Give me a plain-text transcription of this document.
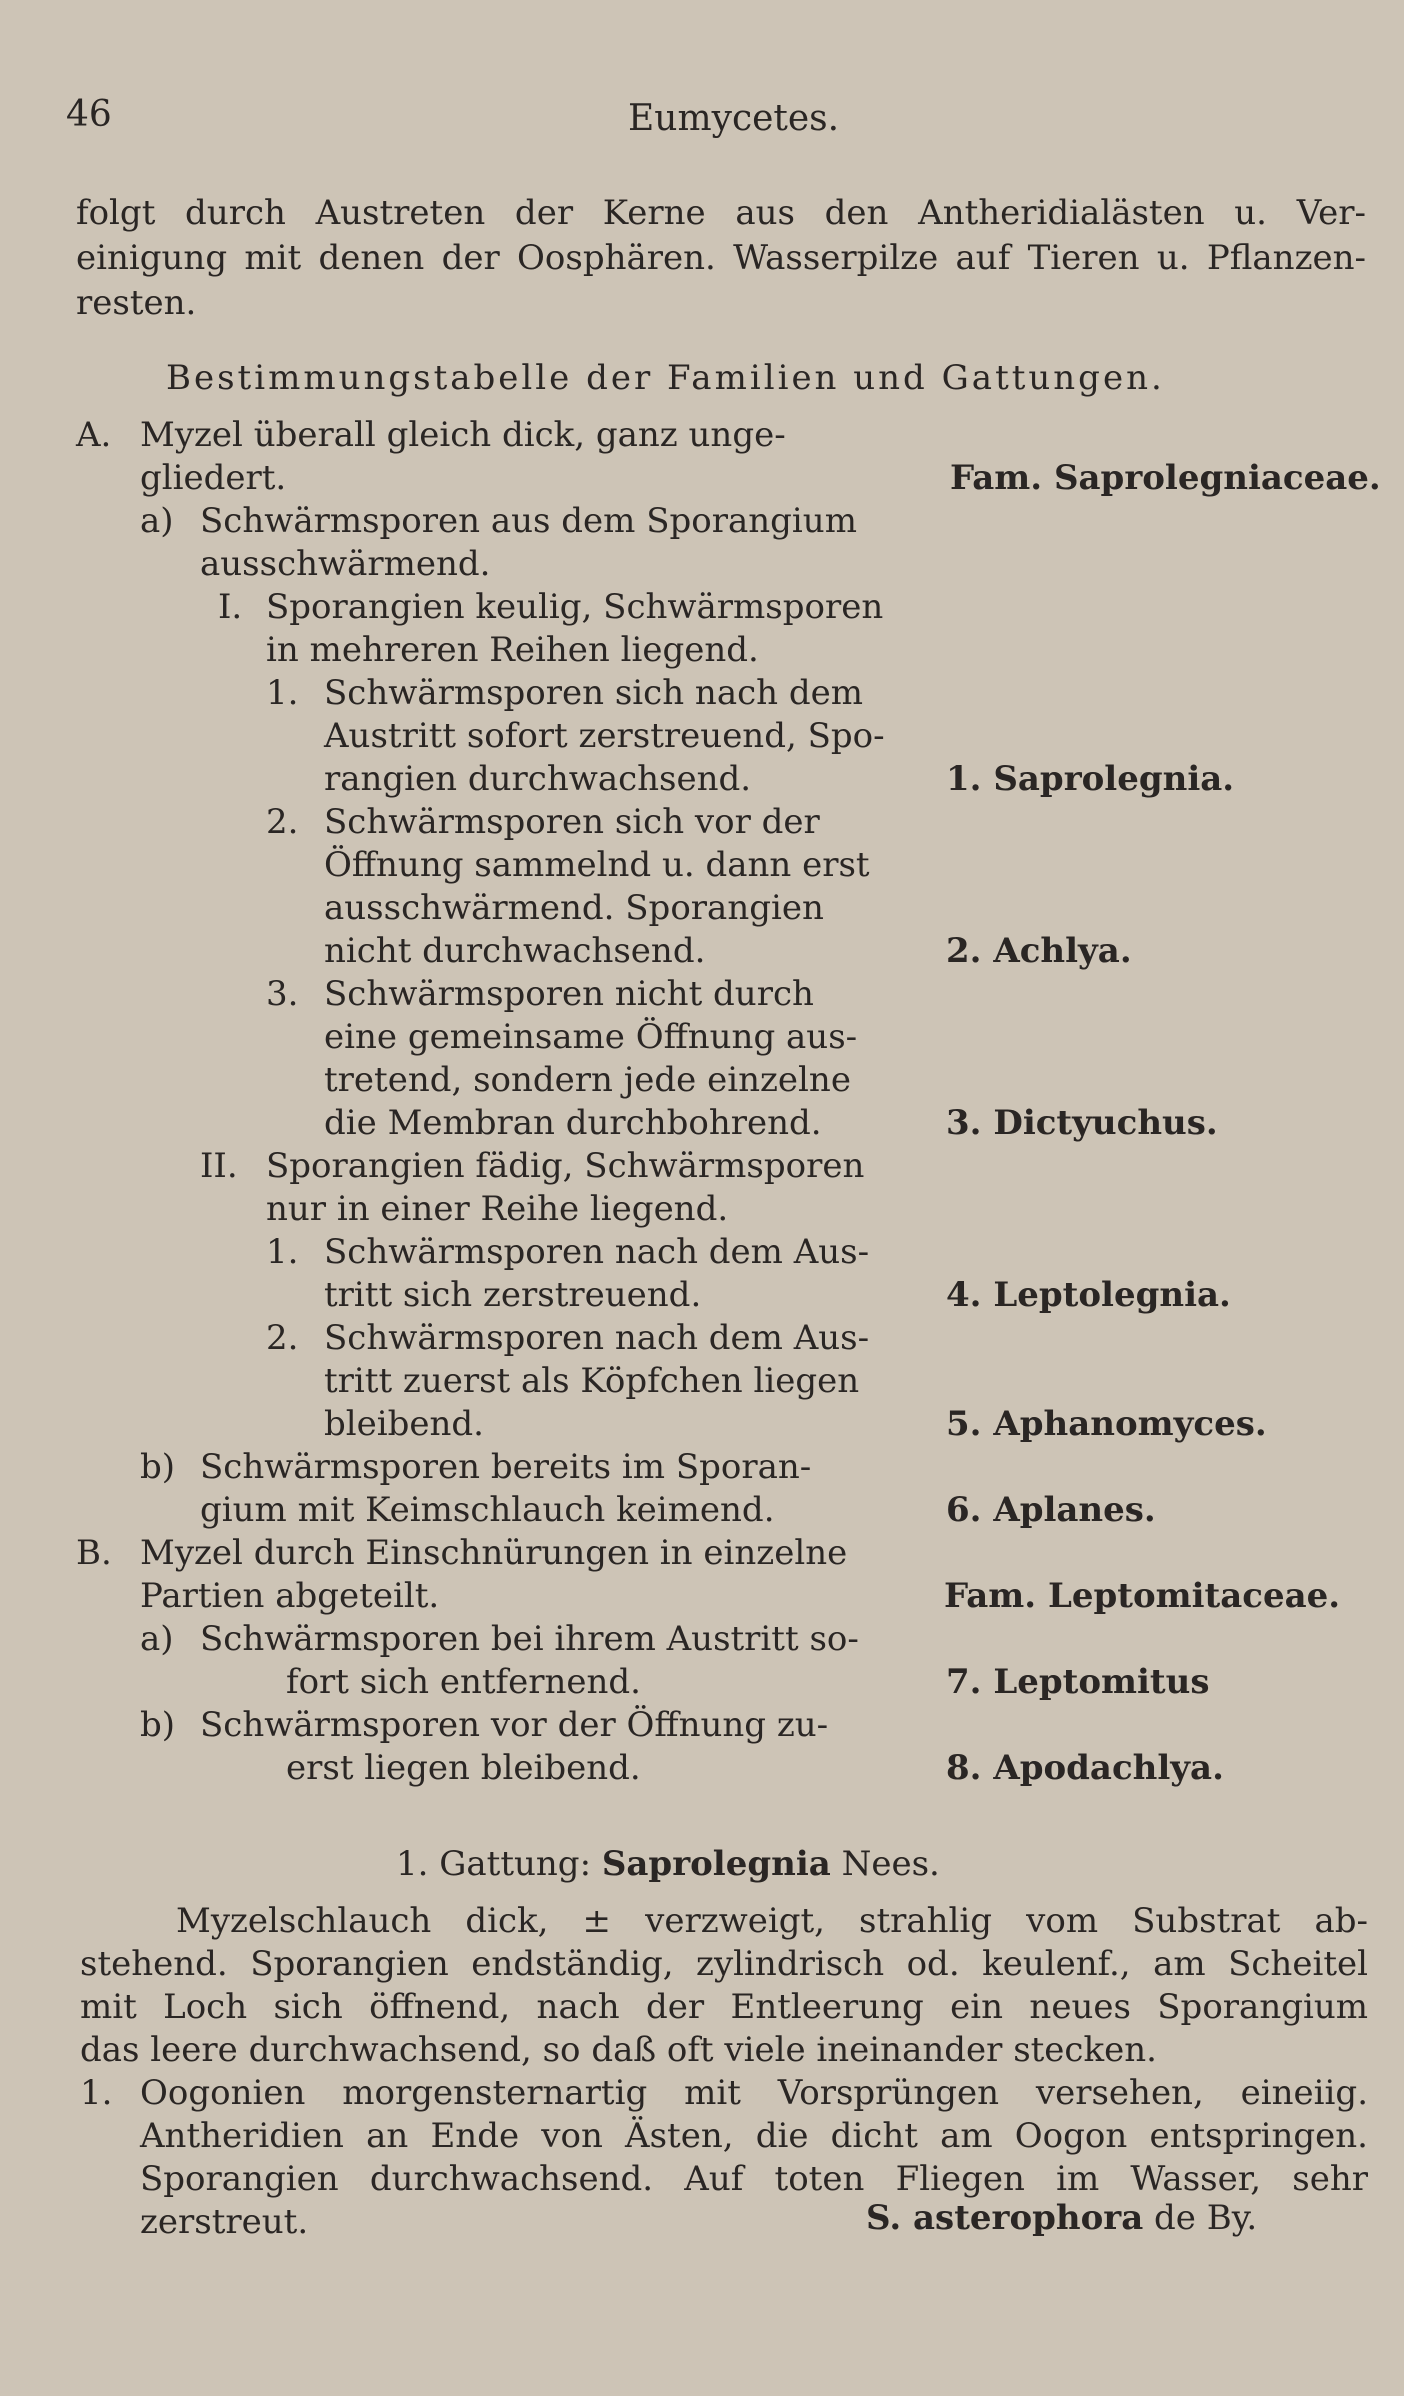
46	Eumycetes.
folgt durch Austreten der Kerne aus den Antheridialästen u. Ver-
einigung mit denen der Oosphären. Wasserpilze auf Tieren u. Pflanzen-
resten.
Bestimmungstabelle der Familien und Gattungen.
A. Myzel überall gleich dick, ganz unge-
gliedert.	Fam. Saprolegniaceae.
a) Schwärmsporen aus dem Sporangium
ausschwärmend.
I. Sporangien keulig, Schwärmsporen
in mehreren Reihen liegend.
1. Schwärmsporen sich nach dem
Austritt sofort zerstreuend, Spo-
rangien durchwachsend.	1. Saprolegnia.
2. Schwärmsporen sich vor der
Öffnung sammelnd u. dann erst
ausschwärmend. Sporangien
nicht durchwachsend.	2. Achlya.
3. Schwärmsporen nicht durch
eine gemeinsame Öffnung aus-
tretend, sondern jede einzelne
die Membran durchbohrend.	3. Dictyuchus.
II. Sporangien fädig, Schwärmsporen
nur in einer Reihe liegend.
1. Schwärmsporen nach dem Aus-
tritt sich zerstreuend.	4. Leptolegnia.
2. Schwärmsporen nach dem Aus-
tritt zuerst als Köpfchen liegen
bleibend.	5. Aphanomyces.
b) Schwärmsporen bereits im Sporan-
gium mit Keimschlauch keimend.	6. Aplanes.
B. Myzel durch Einschnürungen in einzelne
Partien abgeteilt.	Fam. Leptomitaceae.
a) Schwärmsporen bei ihrem Austritt so-
fort sich entfernend.	7. Leptomitus
b) Schwärmsporen vor der Öffnung zu-
erst liegen bleibend.	8. Apodachlya.
1. Gattung: Saprolegnia Nees.
Myzelschlauch dick, ± verzweigt, strahlig vom Substrat ab-
stehend. Sporangien endständig, zylindrisch od. keulenf., am Scheitel
mit Loch sich öffnend, nach der Entleerung ein neues Sporangium
das leere durchwachsend, so daß oft viele ineinander stecken.
1. Oogonien morgensternartig mit Vorsprüngen versehen, eineiig.
Antheridien an Ende von Ästen, die dicht am Oogon entspringen.
Sporangien durchwachsend. Auf toten Fliegen im Wasser, sehr
zerstreut.	S. asterophora de By.
